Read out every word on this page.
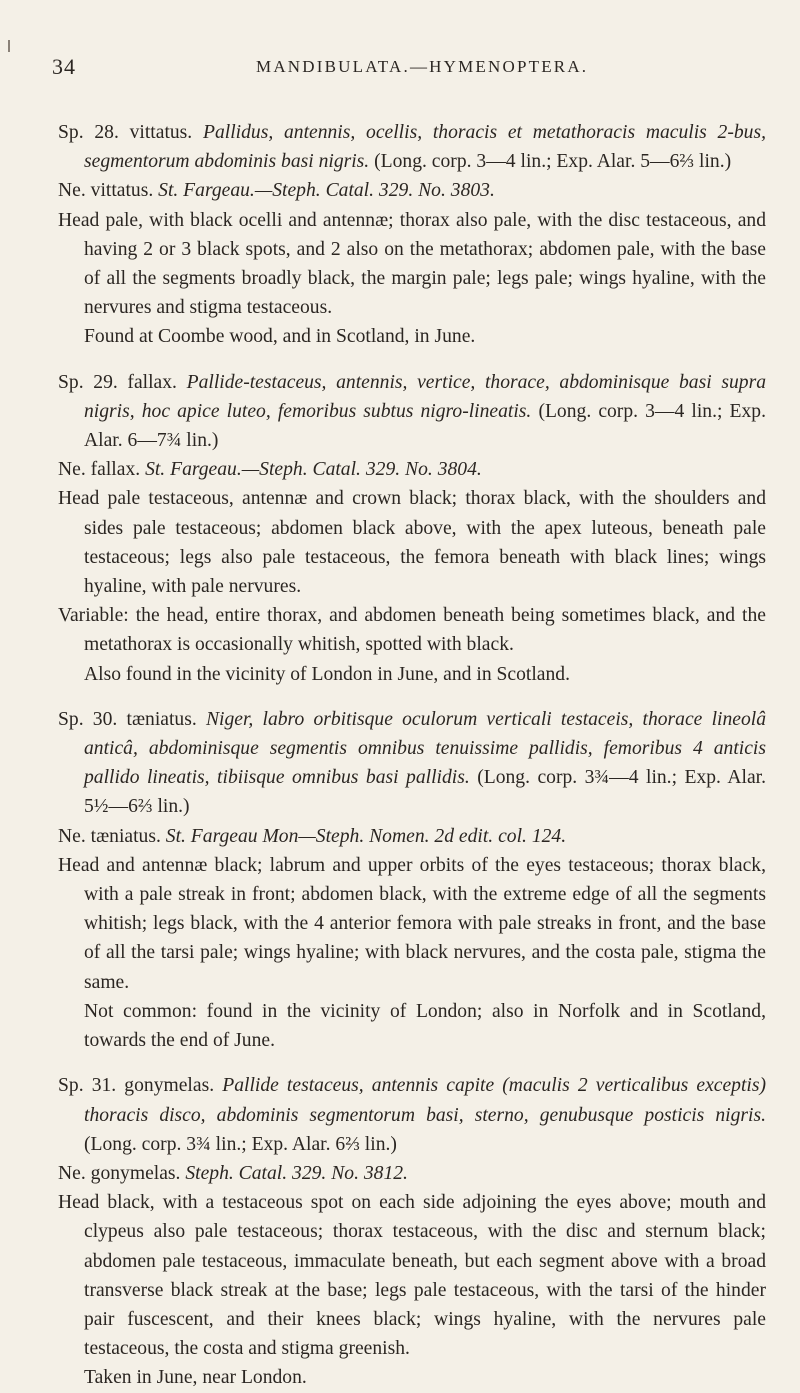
34	MANDIBULATA.—HYMENOPTERA.

Sp. 28. vittatus. Pallidus, antennis, ocellis, thoracis et metathoracis maculis 2-bus, segmentorum abdominis basi nigris. (Long. corp. 3—4 lin.; Exp. Alar. 5—6⅔ lin.)

Ne. vittatus. St. Fargeau.—Steph. Catal. 329. No. 3803.

Head pale, with black ocelli and antennæ; thorax also pale, with the disc testaceous, and having 2 or 3 black spots, and 2 also on the metathorax; abdomen pale, with the base of all the segments broadly black, the margin pale; legs pale; wings hyaline, with the nervures and stigma testaceous.

Found at Coombe wood, and in Scotland, in June.

Sp. 29. fallax. Pallide-testaceus, antennis, vertice, thorace, abdominisque basi supra nigris, hoc apice luteo, femoribus subtus nigro-lineatis. (Long. corp. 3—4 lin.; Exp. Alar. 6—7¾ lin.)

Ne. fallax. St. Fargeau.—Steph. Catal. 329. No. 3804.

Head pale testaceous, antennæ and crown black; thorax black, with the shoulders and sides pale testaceous; abdomen black above, with the apex luteous, beneath pale testaceous; legs also pale testaceous, the femora beneath with black lines; wings hyaline, with pale nervures.

Variable: the head, entire thorax, and abdomen beneath being sometimes black, and the metathorax is occasionally whitish, spotted with black.

Also found in the vicinity of London in June, and in Scotland.

Sp. 30. tæniatus. Niger, labro orbitisque oculorum verticali testaceis, thorace lineolâ anticâ, abdominisque segmentis omnibus tenuissime pallidis, femoribus 4 anticis pallido lineatis, tibiisque omnibus basi pallidis. (Long. corp. 3¾—4 lin.; Exp. Alar. 5½—6⅔ lin.)

Ne. tæniatus. St. Fargeau Mon—Steph. Nomen. 2d edit. col. 124.

Head and antennæ black; labrum and upper orbits of the eyes testaceous; thorax black, with a pale streak in front; abdomen black, with the extreme edge of all the segments whitish; legs black, with the 4 anterior femora with pale streaks in front, and the base of all the tarsi pale; wings hyaline; with black nervures, and the costa pale, stigma the same.

Not common: found in the vicinity of London; also in Norfolk and in Scotland, towards the end of June.

Sp. 31. gonymelas. Pallide testaceus, antennis capite (maculis 2 verticalibus exceptis) thoracis disco, abdominis segmentorum basi, sterno, genubusque posticis nigris. (Long. corp. 3¾ lin.; Exp. Alar. 6⅔ lin.)

Ne. gonymelas. Steph. Catal. 329. No. 3812.

Head black, with a testaceous spot on each side adjoining the eyes above; mouth and clypeus also pale testaceous; thorax testaceous, with the disc and sternum black; abdomen pale testaceous, immaculate beneath, but each segment above with a broad transverse black streak at the base; legs pale testaceous, with the tarsi of the hinder pair fuscescent, and their knees black; wings hyaline, with the nervures pale testaceous, the costa and stigma greenish.

Taken in June, near London.
